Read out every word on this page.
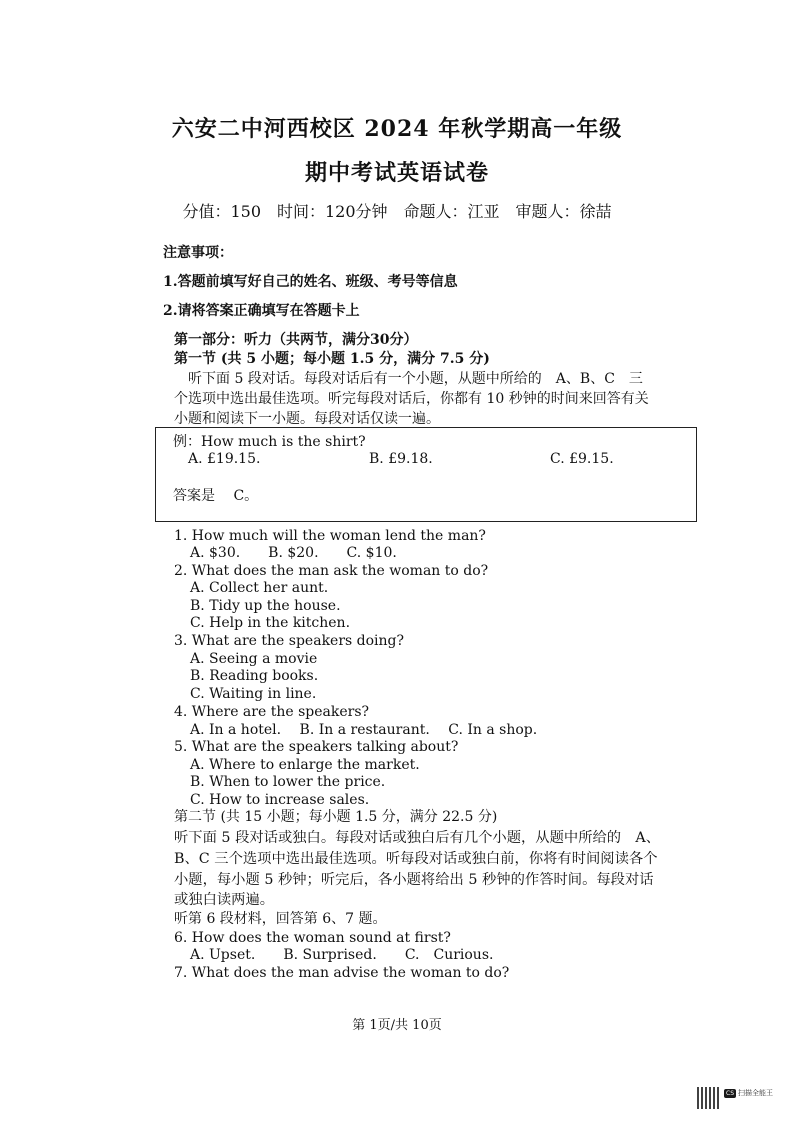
六安二中河西校区 2024 年秋学期高一年级
期中考试英语试卷
分值：150　时间：120分钟　命题人：江亚　审题人：徐喆
注意事项：
1.答题前填写好自己的姓名、班级、考号等信息
2.请将答案正确填写在答题卡上
第一部分：听力（共两节，满分30分）
第一节 (共 5 小题；每小题 1.5 分，满分 7.5 分)
　听下面 5 段对话。每段对话后有一个小题，从题中所给的　A、B、C　三
个选项中选出最佳选项。听完每段对话后，你都有 10 秒钟的时间来回答有关
小题和阅读下一小题。每段对话仅读一遍。
例：How much is the shirt?
A. £19.15.	B. £9.18.	C. £9.15.
答案是　 C。
1. How much will the woman lend the man?
A. $30.　　B. $20.　　C. $10.
2. What does the man ask the woman to do?
A. Collect her aunt.
B. Tidy up the house.
C. Help in the kitchen.
3. What are the speakers doing?
A. Seeing a movie
B. Reading books.
C. Waiting in line.
4. Where are the speakers?
A. In a hotel.　 B. In a restaurant.　 C. In a shop.
5. What are the speakers talking about?
A. Where to enlarge the market.
B. When to lower the price.
C. How to increase sales.
第二节 (共 15 小题；每小题 1.5 分，满分 22.5 分)
听下面 5 段对话或独白。每段对话或独白后有几个小题，从题中所给的　A、
B、C 三个选项中选出最佳选项。听每段对话或独白前，你将有时间阅读各个
小题，每小题 5 秒钟；听完后，各小题将给出 5 秒钟的作答时间。每段对话
或独白读两遍。
听第 6 段材料，回答第 6、7 题。
6. How does the woman sound at first?
A. Upset.　　B. Surprised.　　C.　Curious.
7. What does the man advise the woman to do?
第 1页/共 10页
CS 扫描全能王
